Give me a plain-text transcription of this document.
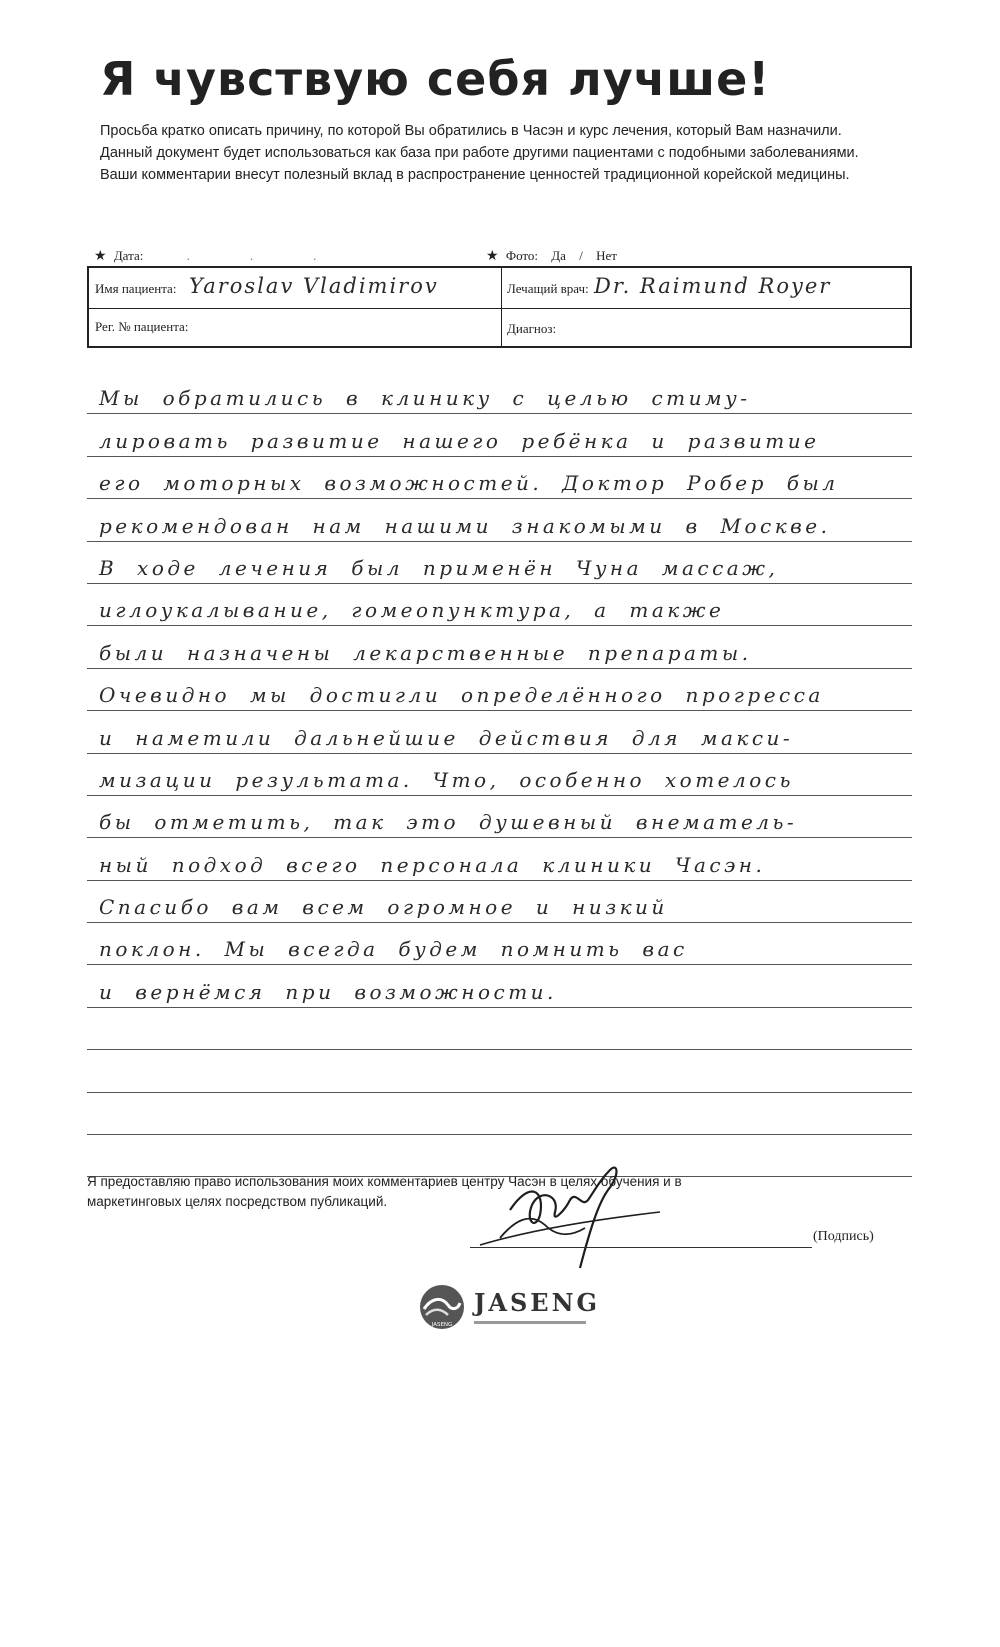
Я чувствую себя лучше!
Просьба кратко описать причину, по которой Вы обратились в Часэн и курс лечения, который Вам назначили.
Данный документ будет использоваться как база при работе другими пациентами с подобными заболеваниями.
Ваши комментарии внесут полезный вклад в распространение ценностей традиционной корейской медицины.
★ Дата:	...	★ Фото: Да / Нет
Имя пациента: Yaroslav Vladimirov	Лечащий врач: Dr. Raimund Royer
Рег. № пациента:	Диагноз:
Мы обратились в клинику с целью стиму-
лировать развитие нашего ребёнка и развитие
его моторных возможностей. Доктор Робер был
рекомендован нам нашими знакомыми в Москве.
В ходе лечения был применён Чуна массаж,
иглоукалывание, гомеопунктура, а также
были назначены лекарственные препараты.
Очевидно мы достигли определённого прогресса
и наметили дальнейшие действия для макси-
мизации результата. Что, особенно хотелось
бы отметить, так это душевный внематель-
ный подход всего персонала клиники Часэн.
Спасибо вам всем огромное и низкий
поклон. Мы всегда будем помнить вас
и вернёмся при возможности.
Я предоставляю право использования моих комментариев центру Часэн в целях обучения и в
маркетинговых целях посредством публикаций.
(Подпись)
JASENG
JASENG
